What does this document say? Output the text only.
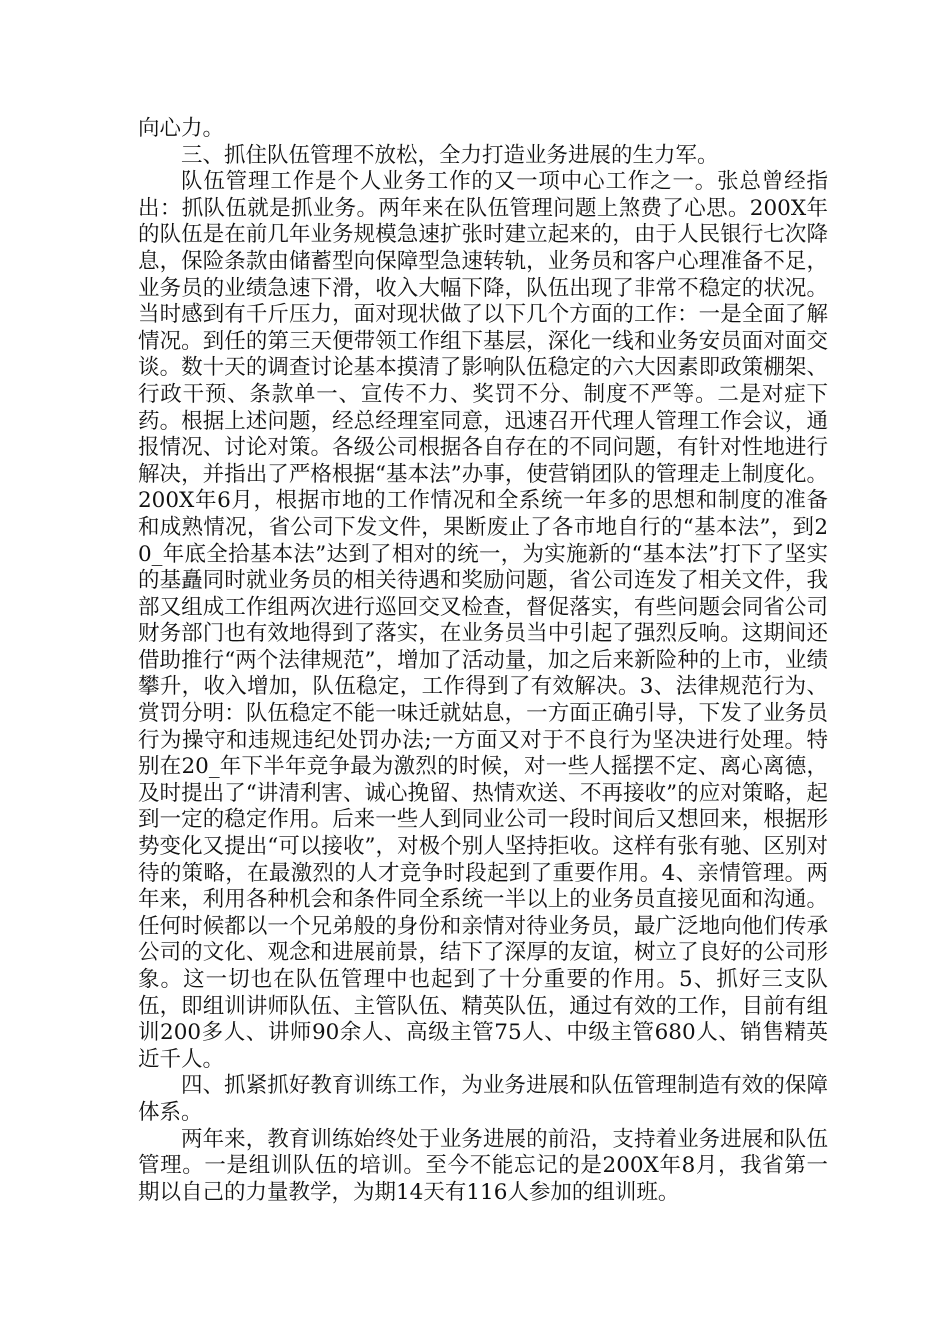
向心力。

三、抓住队伍管理不放松，全力打造业务进展的生力军。

队伍管理工作是个人业务工作的又一项中心工作之一。张总曾经指出：抓队伍就是抓业务。两年来在队伍管理问题上煞费了心思。200X年的队伍是在前几年业务规模急速扩张时建立起来的，由于人民银行七次降息，保险条款由储蓄型向保障型急速转轨，业务员和客户心理准备不足，业务员的业绩急速下滑，收入大幅下降，队伍出现了非常不稳定的状况。当时感到有千斤压力，面对现状做了以下几个方面的工作：一是全面了解情况。到任的第三天便带领工作组下基层，深化一线和业务安员面对面交谈。数十天的调查讨论基本摸清了影响队伍稳定的六大因素即政策棚架、行政干预、条款单一、宣传不力、奖罚不分、制度不严等。二是对症下药。根据上述问题，经总经理室同意，迅速召开代理人管理工作会议，通报情况、讨论对策。各级公司根据各自存在的不同问题，有针对性地进行解决，并指出了严格根据“基本法”办事，使营销团队的管理走上制度化。200X年6月，根据市地的工作情况和全系统一年多的思想和制度的准备和成熟情况，省公司下发文件，果断废止了各市地自行的“基本法”，到20_年底全拾基本法”达到了相对的统一，为实施新的“基本法”打下了坚实的基矗同时就业务员的相关待遇和奖励问题，省公司连发了相关文件，我部又组成工作组两次进行巡回交叉检查，督促落实，有些问题会同省公司财务部门也有效地得到了落实，在业务员当中引起了强烈反响。这期间还借助推行“两个法律规范”，增加了活动量，加之后来新险种的上市，业绩攀升，收入增加，队伍稳定，工作得到了有效解决。3、法律规范行为、赏罚分明：队伍稳定不能一味迁就姑息，一方面正确引导，下发了业务员行为操守和违规违纪处罚办法;一方面又对于不良行为坚决进行处理。特别在20_年下半年竞争最为激烈的时候，对一些人摇摆不定、离心离德，及时提出了“讲清利害、诚心挽留、热情欢送、不再接收”的应对策略，起到一定的稳定作用。后来一些人到同业公司一段时间后又想回来，根据形势变化又提出“可以接收”，对极个别人坚持拒收。这样有张有驰、区别对待的策略，在最激烈的人才竞争时段起到了重要作用。4、亲情管理。两年来，利用各种机会和条件同全系统一半以上的业务员直接见面和沟通。任何时候都以一个兄弟般的身份和亲情对待业务员，最广泛地向他们传承公司的文化、观念和进展前景，结下了深厚的友谊，树立了良好的公司形象。这一切也在队伍管理中也起到了十分重要的作用。5、抓好三支队伍，即组训讲师队伍、主管队伍、精英队伍，通过有效的工作，目前有组训200多人、讲师90余人、高级主管75人、中级主管680人、销售精英近千人。

四、抓紧抓好教育训练工作，为业务进展和队伍管理制造有效的保障体系。

两年来，教育训练始终处于业务进展的前沿，支持着业务进展和队伍管理。一是组训队伍的培训。至今不能忘记的是200X年8月，我省第一期以自己的力量教学，为期14天有116人参加的组训班。
